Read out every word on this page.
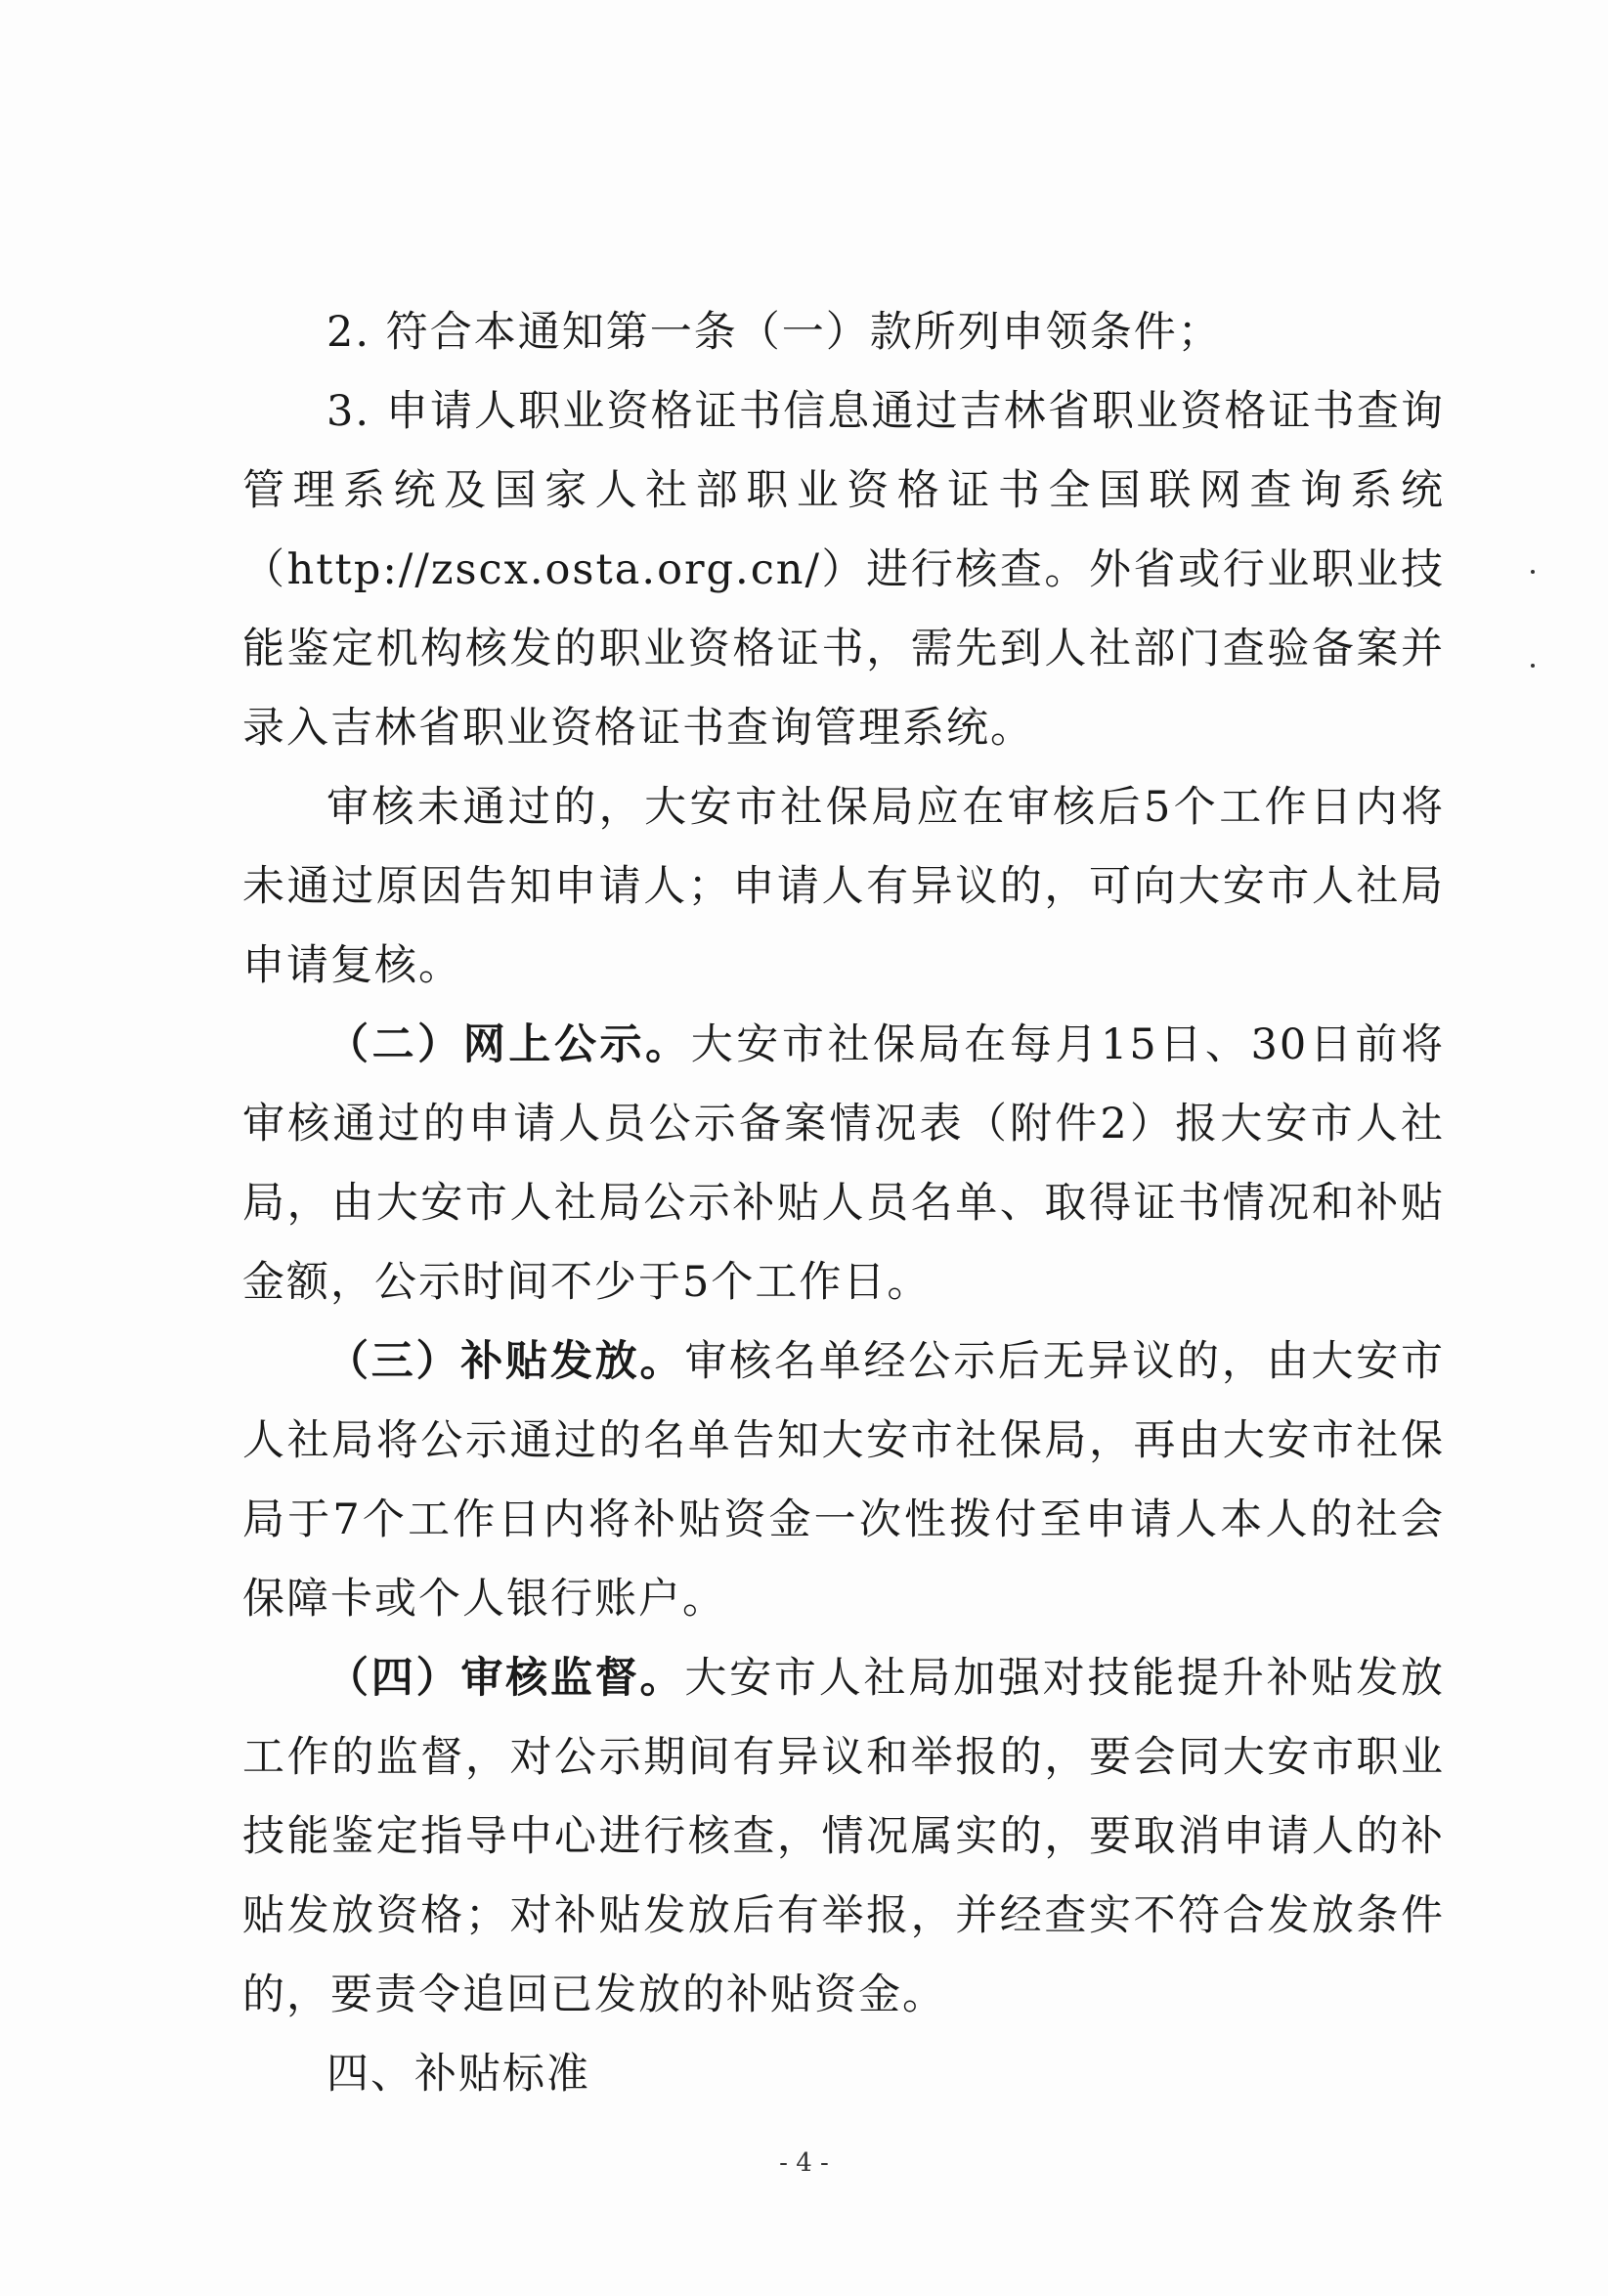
2. 符合本通知第一条（一）款所列申领条件；

3. 申请人职业资格证书信息通过吉林省职业资格证书查询管理系统及国家人社部职业资格证书全国联网查询系统（http://zscx.osta.org.cn/）进行核查。外省或行业职业技能鉴定机构核发的职业资格证书，需先到人社部门查验备案并录入吉林省职业资格证书查询管理系统。

审核未通过的，大安市社保局应在审核后5个工作日内将未通过原因告知申请人；申请人有异议的，可向大安市人社局申请复核。

（二）网上公示。大安市社保局在每月15日、30日前将审核通过的申请人员公示备案情况表（附件2）报大安市人社局，由大安市人社局公示补贴人员名单、取得证书情况和补贴金额，公示时间不少于5个工作日。

（三）补贴发放。审核名单经公示后无异议的，由大安市人社局将公示通过的名单告知大安市社保局，再由大安市社保局于7个工作日内将补贴资金一次性拨付至申请人本人的社会保障卡或个人银行账户。

（四）审核监督。大安市人社局加强对技能提升补贴发放工作的监督，对公示期间有异议和举报的，要会同大安市职业技能鉴定指导中心进行核查，情况属实的，要取消申请人的补贴发放资格；对补贴发放后有举报，并经查实不符合发放条件的，要责令追回已发放的补贴资金。

四、补贴标准

- 4 -
